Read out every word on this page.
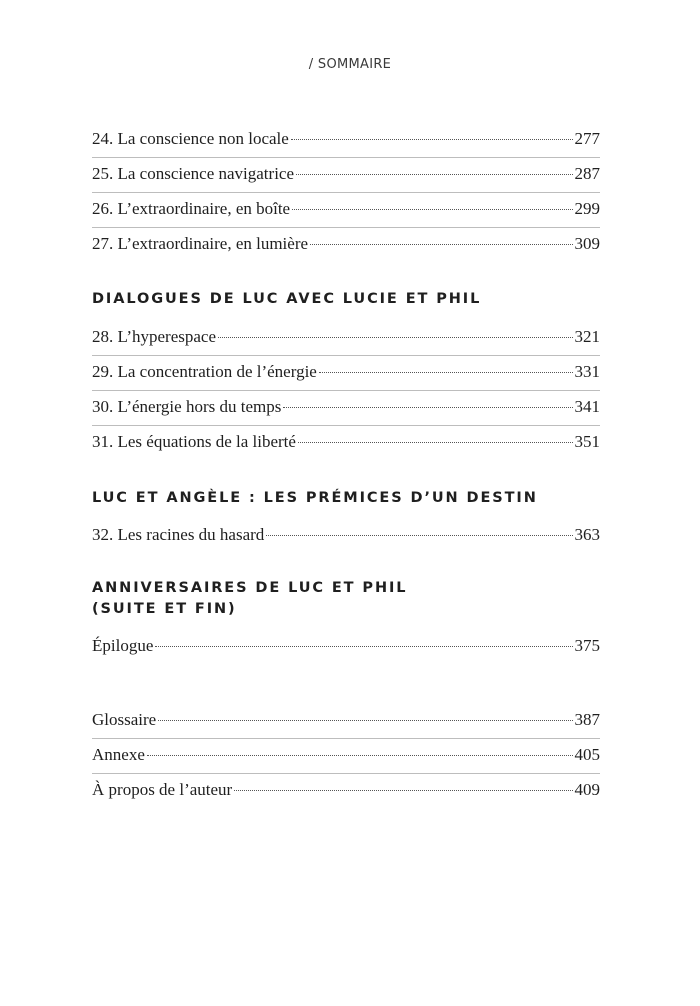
/ SOMMAIRE
24. La conscience non locale	277
25. La conscience navigatrice	287
26. L’extraordinaire, en boîte	299
27. L’extraordinaire, en lumière	309
DIALOGUES DE LUC AVEC LUCIE ET PHIL
28. L’hyperespace	321
29. La concentration de l’énergie	331
30. L’énergie hors du temps	341
31. Les équations de la liberté	351
LUC ET ANGÈLE : LES PRÉMICES D’UN DESTIN
32. Les racines du hasard	363
ANNIVERSAIRES DE LUC ET PHIL
(SUITE ET FIN)
Épilogue	375
Glossaire	387
Annexe	405
À propos de l’auteur	409
